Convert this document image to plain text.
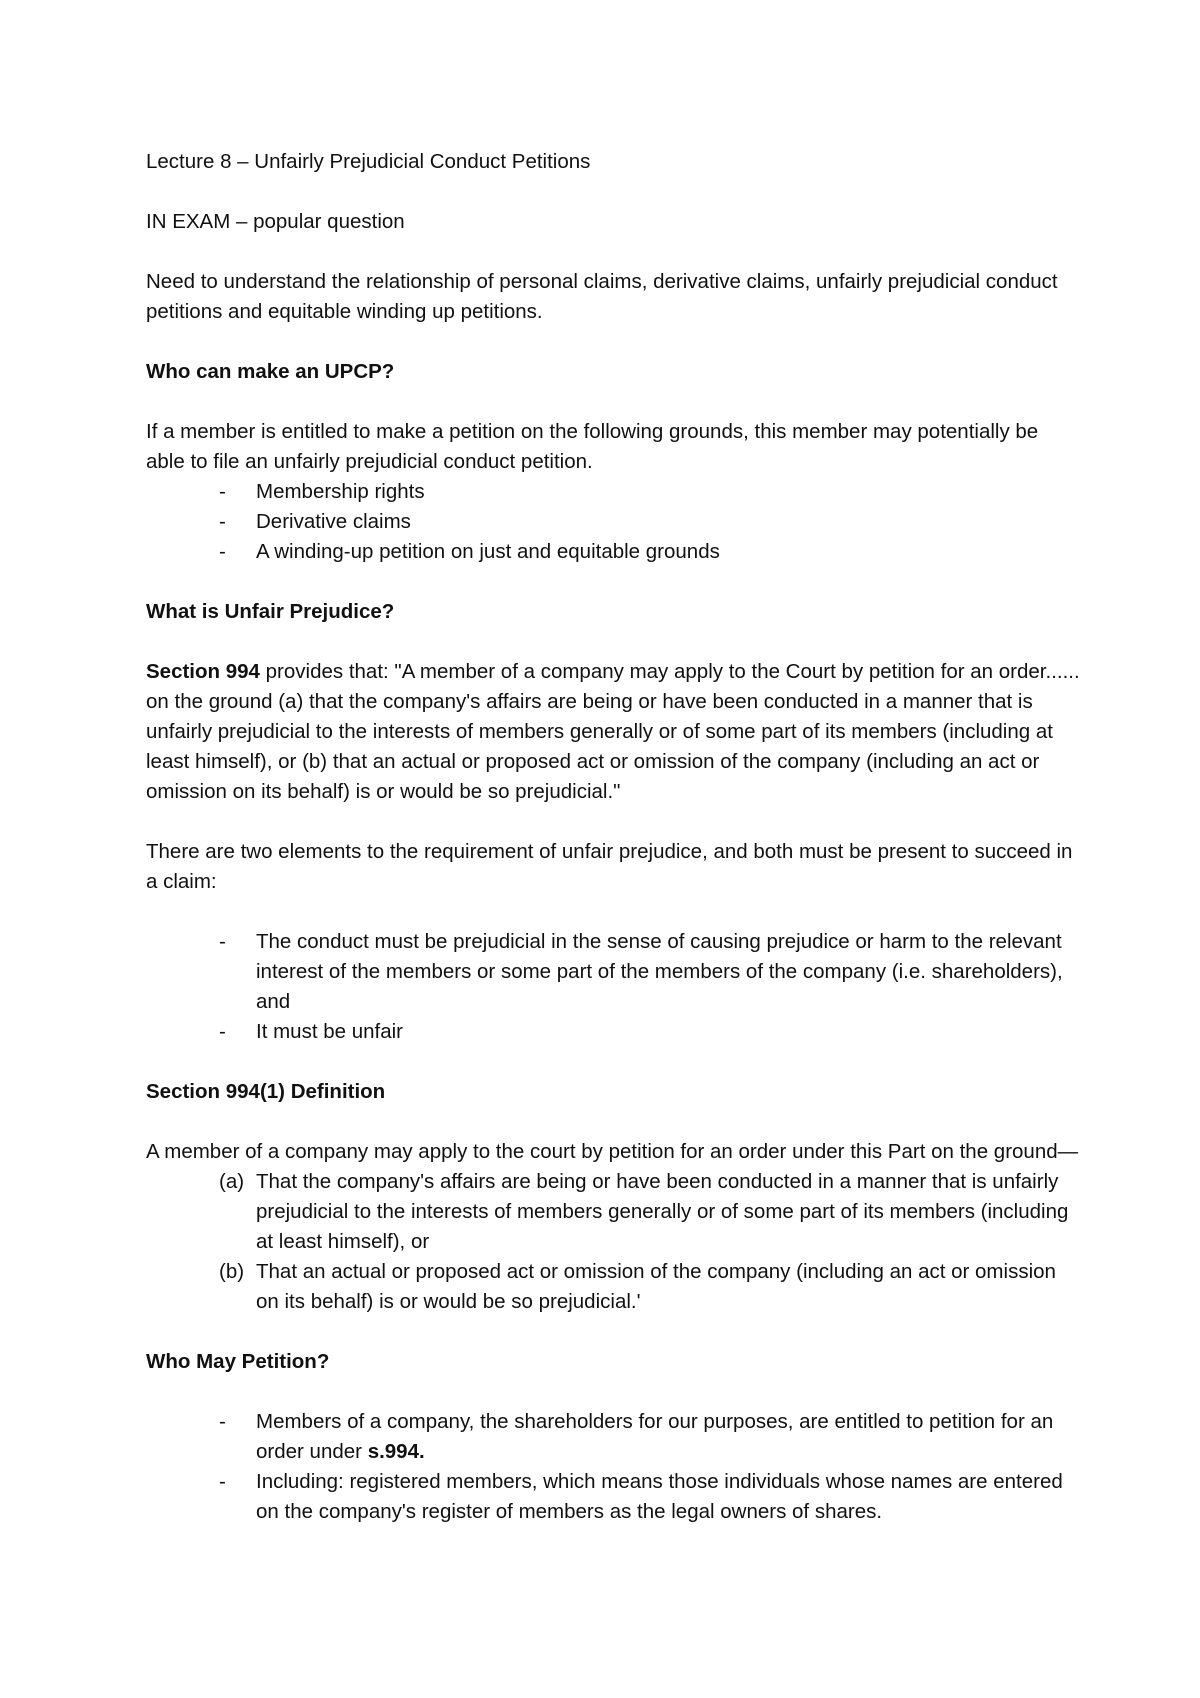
Lecture 8 – Unfairly Prejudicial Conduct Petitions

IN EXAM – popular question

Need to understand the relationship of personal claims, derivative claims, unfairly prejudicial conduct petitions and equitable winding up petitions.

Who can make an UPCP?

If a member is entitled to make a petition on the following grounds, this member may potentially be able to file an unfairly prejudicial conduct petition.

- Membership rights
- Derivative claims
- A winding-up petition on just and equitable grounds

What is Unfair Prejudice?

Section 994 provides that: "A member of a company may apply to the Court by petition for an order...... on the ground (a) that the company's affairs are being or have been conducted in a manner that is unfairly prejudicial to the interests of members generally or of some part of its members (including at least himself), or (b) that an actual or proposed act or omission of the company (including an act or omission on its behalf) is or would be so prejudicial."

There are two elements to the requirement of unfair prejudice, and both must be present to succeed in a claim:

- The conduct must be prejudicial in the sense of causing prejudice or harm to the relevant interest of the members or some part of the members of the company (i.e. shareholders), and
- It must be unfair

Section 994(1) Definition

A member of a company may apply to the court by petition for an order under this Part on the ground—

(a) That the company's affairs are being or have been conducted in a manner that is unfairly prejudicial to the interests of members generally or of some part of its members (including at least himself), or
(b) That an actual or proposed act or omission of the company (including an act or omission on its behalf) is or would be so prejudicial.'

Who May Petition?

- Members of a company, the shareholders for our purposes, are entitled to petition for an order under s.994.
- Including: registered members, which means those individuals whose names are entered on the company's register of members as the legal owners of shares.
